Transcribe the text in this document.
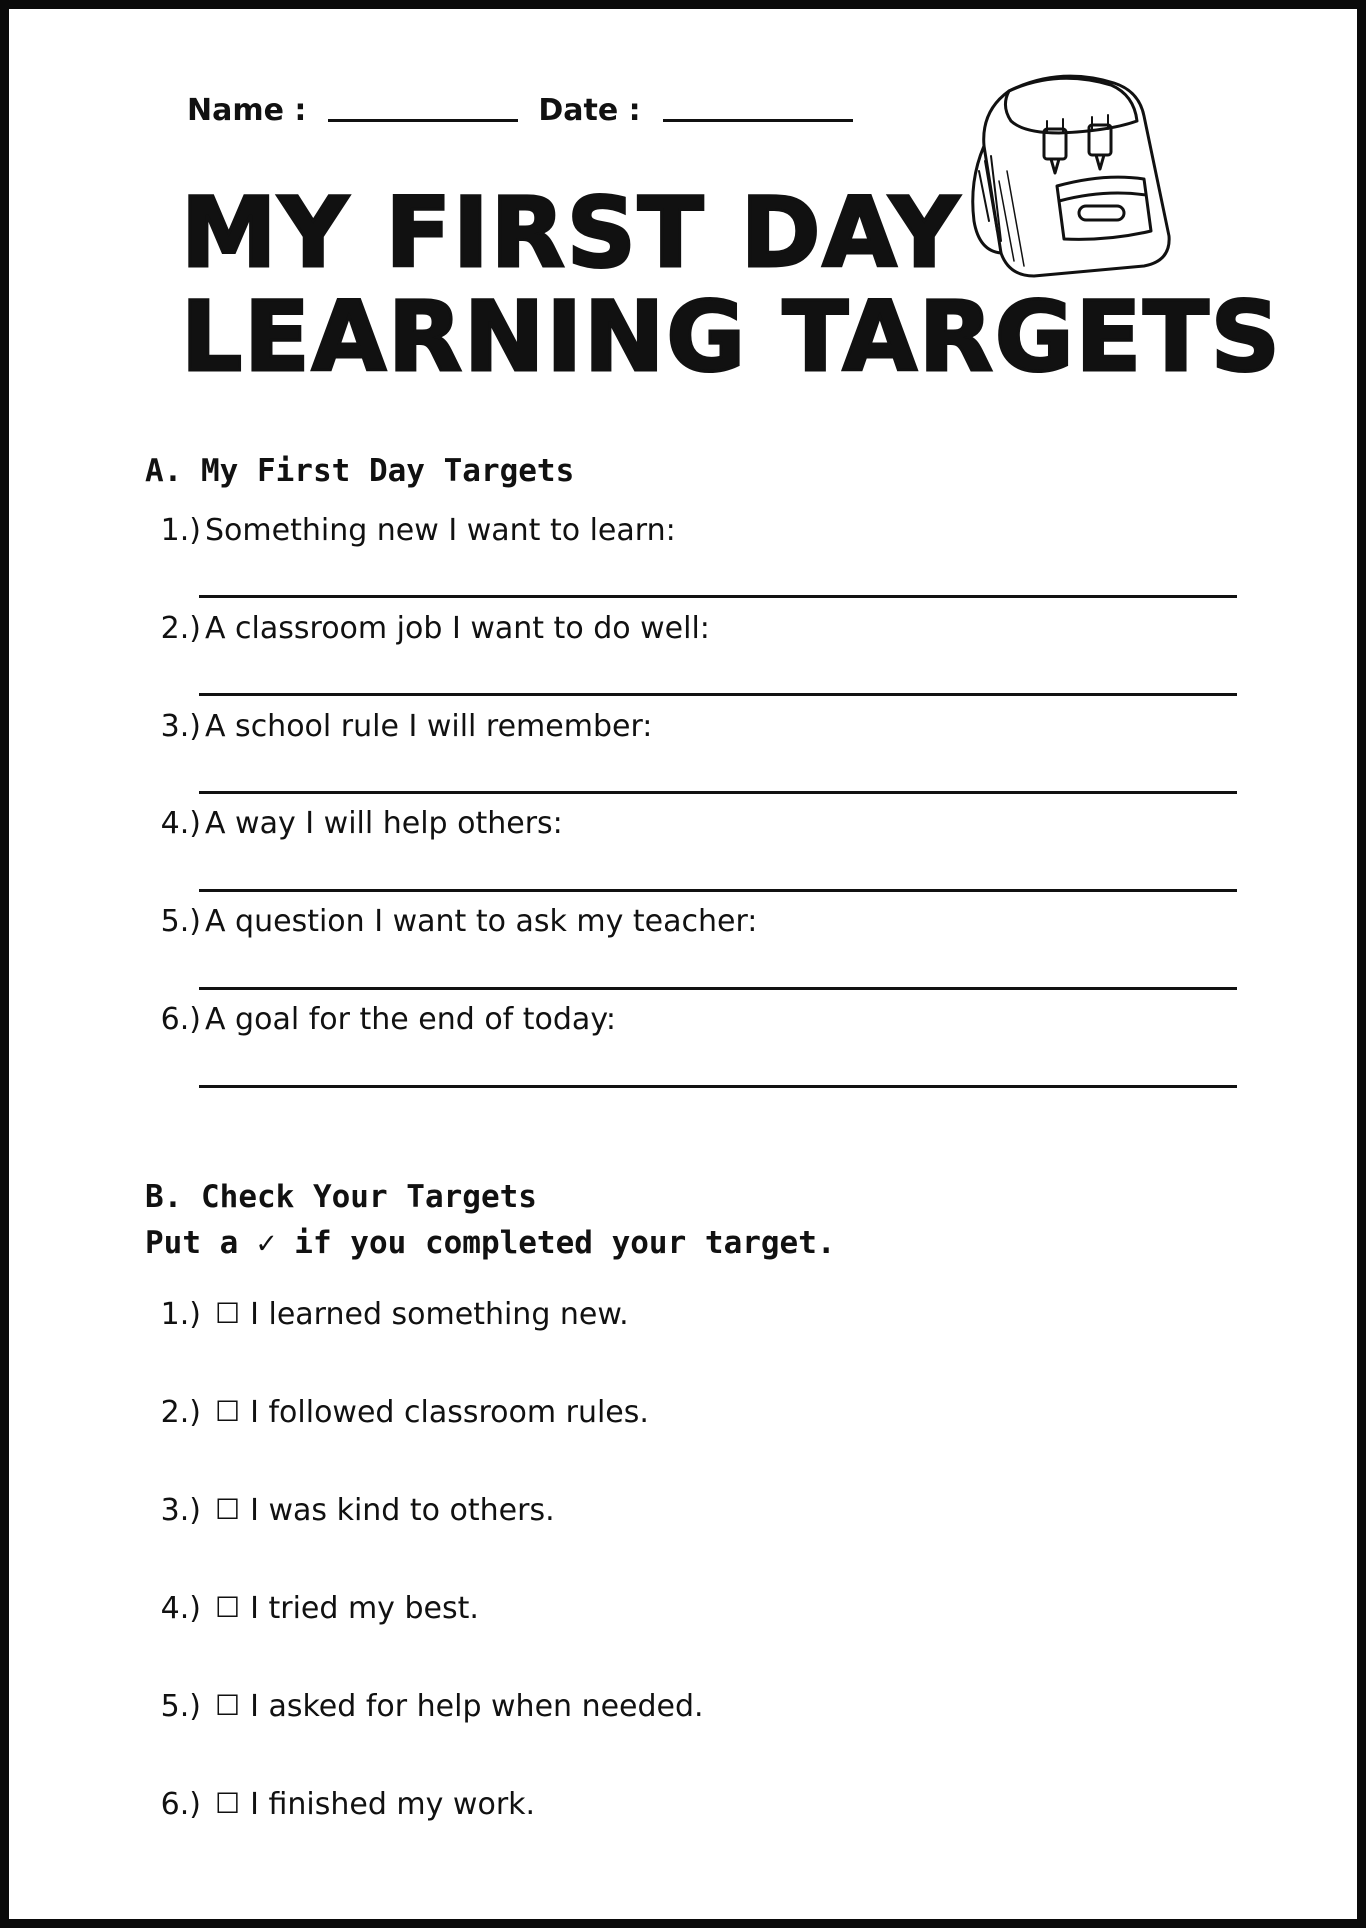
Name :	Date :
MY FIRST DAY
LEARNING TARGETS
A. My First Day Targets
1.) Something new I want to learn:
2.) A classroom job I want to do well:
3.) A school rule I will remember:
4.) A way I will help others:
5.) A question I want to ask my teacher:
6.) A goal for the end of today:
B. Check Your Targets
Put a ✓ if you completed your target.
1.) ☐ I learned something new.
2.) ☐ I followed classroom rules.
3.) ☐ I was kind to others.
4.) ☐ I tried my best.
5.) ☐ I asked for help when needed.
6.) ☐ I finished my work.
